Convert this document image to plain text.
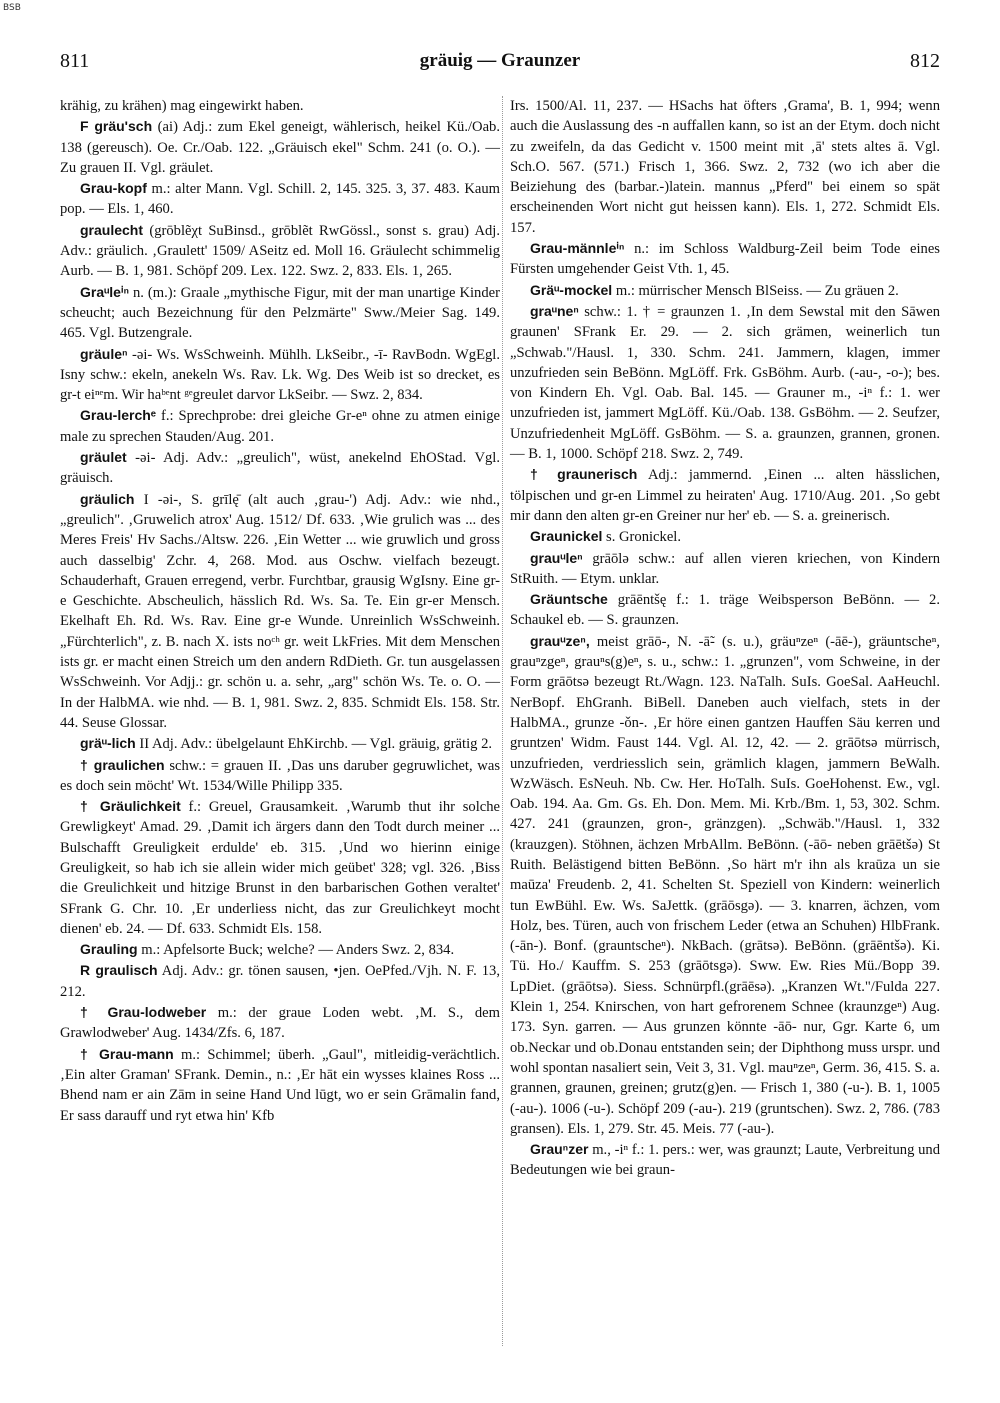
BSB
811	gräuig — Graunzer	812

krähig, zu krähen) mag eingewirkt haben.

F gräu'sch (ai) Adj.: zum Ekel geneigt, wählerisch, heikel Kü./Oab. 138 (gereusch). Oe. Cr./Oab. 122. „Gräuisch ekel" Schm. 241 (o. O.). — Zu grauen II. Vgl. gräulet.

Grau-kopf m.: alter Mann. Vgl. Schill. 2, 145. 325. 3, 37. 483. Kaum pop. — Els. 1, 460.

graulecht (grōblẽχt SuBinsd., grōblẽt RwGössl., sonst s. grau) Adj. Adv.: gräulich. ‚Graulett' 1509/ ASeitz ed. Moll 16. Gräulecht schimmelig Aurb. — B. 1, 981. Schöpf 209. Lex. 122. Swz. 2, 833. Els. 1, 265.

Graᵘleⁱⁿ n. (m.): Graale „mythische Figur, mit der man unartige Kinder scheucht; auch Bezeichnung für den Pelzmärte" Sww./Meier Sag. 149. 465. Vgl. Butzengrale.

gräuleⁿ -əi- Ws. WsSchweinh. Mühlh. LkSeibr., -ī- RavBodn. WgEgl. Isny schw.: ekeln, anekeln Ws. Rav. Lk. Wg. Des Weib ist so drecket, es gr-t eiⁿᵉm. Wir haᵇᵉnt ᵍᵉgreulet darvor LkSeibr. — Swz. 2, 834.

Grau-lerchᵉ f.: Sprechprobe: drei gleiche Gr-eⁿ ohne zu atmen einige male zu sprechen Stauden/Aug. 201.

gräulet -əi- Adj. Adv.: „greulich", wüst, anekelnd EhOStad. Vgl. gräuisch.

gräulich I -əi-, S. grīlę̄ (alt auch ‚grau-') Adj. Adv.: wie nhd., „greulich". ‚Gruwelich atrox' Aug. 1512/ Df. 633. ‚Wie grulich was ... des Meres Freis' Hv Sachs./Altsw. 226. ‚Ein Wetter ... wie gruwlich und gross auch dasselbig' Zchr. 4, 268. Mod. aus Oschw. vielfach bezeugt. Schauderhaft, Grauen erregend, verbr. Furchtbar, grausig WgIsny. Eine gr-e Geschichte. Abscheulich, hässlich Rd. Ws. Sa. Te. Ein gr-er Mensch. Ekelhaft Eh. Rd. Ws. Rav. Eine gr-e Wunde. Unreinlich WsSchweinh. „Fürchterlich", z. B. nach X. ists noᶜʰ gr. weit LkFries. Mit dem Menschen ists gr. er macht einen Streich um den andern RdDieth. Gr. tun ausgelassen WsSchweinh. Vor Adjj.: gr. schön u. a. sehr, „arg" schön Ws. Te. o. O. — In der HalbMA. wie nhd. — B. 1, 981. Swz. 2, 835. Schmidt Els. 158. Str. 44. Seuse Glossar.

gräᵘ-lich II Adj. Adv.: übelgelaunt EhKirchb. — Vgl. gräuig, grätig 2.

† graulichen schw.: = grauen II. ‚Das uns daruber gegruwlichet, was es doch sein möcht' Wt. 1534/Wille Philipp 335.

† Gräulichkeit f.: Greuel, Grausamkeit. ‚Warumb thut ihr solche Grewligkeyt' Amad. 29. ‚Damit ich ärgers dann den Todt durch meiner ... Bulschafft Greuligkeit erdulde' eb. 315. ‚Und wo hierinn einige Greuligkeit, so hab ich sie allein wider mich geübet' 328; vgl. 326. ‚Biss die Greulichkeit und hitzige Brunst in den barbarischen Gothen veraltet' SFrank G. Chr. 10. ‚Er underliess nicht, das zur Greulichkeyt mocht dienen' eb. 24. — Df. 633. Schmidt Els. 158.

Grauling m.: Apfelsorte Buck; welche? — Anders Swz. 2, 834.

R graulisch Adj. Adv.: gr. tönen sausen, •jen. OePfed./Vjh. N. F. 13, 212.

† Grau-lodweber m.: der graue Loden webt. ‚M. S., dem Grawlodweber' Aug. 1434/Zfs. 6, 187.

† Grau-mann m.: Schimmel; überh. „Gaul", mitleidig-verächtlich. ‚Ein alter Graman' SFrank. Demin., n.: ‚Er hāt ein wysses klaines Ross ... Bhend nam er ain Zām in seine Hand Und lūgt, wo er sein Grāmalin fand, Er sass darauff und ryt etwa hin' Kfb

Irs. 1500/Al. 11, 237. — HSachs hat öfters ‚Grama', B. 1, 994; wenn auch die Auslassung des -n auffallen kann, so ist an der Etym. doch nicht zu zweifeln, da das Gedicht v. 1500 meint mit ‚ā' stets altes ā. Vgl. Sch.O. 567. (571.) Frisch 1, 366. Swz. 2, 732 (wo ich aber die Beiziehung des (barbar.-)latein. mannus „Pferd" bei einem so spät erscheinenden Wort nicht gut heissen kann). Els. 1, 272. Schmidt Els. 157.

Grau-männleⁱⁿ n.: im Schloss Waldburg-Zeil beim Tode eines Fürsten umgehender Geist Vth. 1, 45.

Gräᵘ-mockel m.: mürrischer Mensch BlSeiss. — Zu gräuen 2.

graᵘneⁿ schw.: 1. † = graunzen 1. ‚In dem Sewstal mit den Sāwen graunen' SFrank Er. 29. — 2. sich grämen, weinerlich tun „Schwab."/Hausl. 1, 330. Schm. 241. Jammern, klagen, immer unzufrieden sein BeBönn. MgLöff. Frk. GsBöhm. Aurb. (-au-, -o-); bes. von Kindern Eh. Vgl. Oab. Bal. 145. — Grauner m., -iⁿ f.: 1. wer unzufrieden ist, jammert MgLöff. Kü./Oab. 138. GsBöhm. — 2. Seufzer, Unzufriedenheit MgLöff. GsBöhm. — S. a. graunzen, grannen, gronen. — B. 1, 1000. Schöpf 218. Swz. 2, 749.

† graunerisch Adj.: jammernd. ‚Einen ... alten hässlichen, tölpischen und gr-en Limmel zu heiraten' Aug. 1710/Aug. 201. ‚So gebt mir dann den alten gr-en Greiner nur her' eb. — S. a. greinerisch.

Graunickel s. Gronickel.

grauᵘleⁿ grāōlə schw.: auf allen vieren kriechen, von Kindern StRuith. — Etym. unklar.

Gräuntsche grāēntšę f.: 1. träge Weibsperson BeBönn. — 2. Schaukel eb. — S. graunzen.

grauᵘzeⁿ, meist grāō-, N. -ā̃- (s. u.), gräuⁿzeⁿ (-āē-), gräuntscheⁿ, grauⁿzgeⁿ, grauⁿs(g)eⁿ, s. u., schw.: 1. „grunzen", vom Schweine, in der Form grāōtsə bezeugt Rt./Wagn. 123. NaTalh. SuIs. GoeSal. AaHeuchl. NerBopf. EhGranh. BiBell. Daneben auch vielfach, stets in der HalbMA., grunze -ǒn-. ‚Er höre einen gantzen Hauffen Säu kerren und gruntzen' Widm. Faust 144. Vgl. Al. 12, 42. — 2. grāōtsə mürrisch, unzufrieden, verdriesslich sein, grämlich klagen, jammern BeWalh. WzWäsch. EsNeuh. Nb. Cw. Her. HoTalh. SuIs. GoeHohenst. Ew., vgl. Oab. 194. Aa. Gm. Gs. Eh. Don. Mem. Mi. Krb./Bm. 1, 53, 302. Schm. 427. 241 (graunzen, gron-, gränzgen). „Schwäb."/Hausl. 1, 332 (krauzgen). Stöhnen, ächzen MrbAllm. BeBönn. (-āō- neben grāētšə) St Ruith. Belästigend bitten BeBönn. ‚So härt m'r ihn als kraūza un sie maūza' Freudenb. 2, 41. Schelten St. Speziell von Kindern: weinerlich tun EwBühl. Ew. Ws. SaJettk. (grāōsgə). — 3. knarren, ächzen, vom Holz, bes. Türen, auch von frischem Leder (etwa an Schuhen) HlbFrank. (-ān-). Bonf. (grauntscheⁿ). NkBach. (grātsə). BeBönn. (grāēntšə). Ki. Tü. Ho./ Kauffm. S. 253 (grāōtsgə). Sww. Ew. Ries Mü./Bopp 39. LpDiet. (grāōtsə). Siess. Schnürpfl.(grāēsə). „Kranzen Wt."/Fulda 227. Klein 1, 254. Knirschen, von hart gefrorenem Schnee (kraunzgeⁿ) Aug. 173. Syn. garren. — Aus grunzen könnte -āō- nur, Ggr. Karte 6, um ob.Neckar und ob.Donau entstanden sein; der Diphthong muss urspr. und wohl spontan nasaliert sein, Veit 3, 31. Vgl. mauⁿzeⁿ, Germ. 36, 415. S. a. grannen, graunen, greinen; grutz(g)en. — Frisch 1, 380 (-u-). B. 1, 1005 (-au-). 1006 (-u-). Schöpf 209 (-au-). 219 (gruntschen). Swz. 2, 786. (783 gransen). Els. 1, 279. Str. 45. Meis. 77 (-au-).

Grauⁿzer m., -iⁿ f.: 1. pers.: wer, was graunzt; Laute, Verbreitung und Bedeutungen wie bei graun-
